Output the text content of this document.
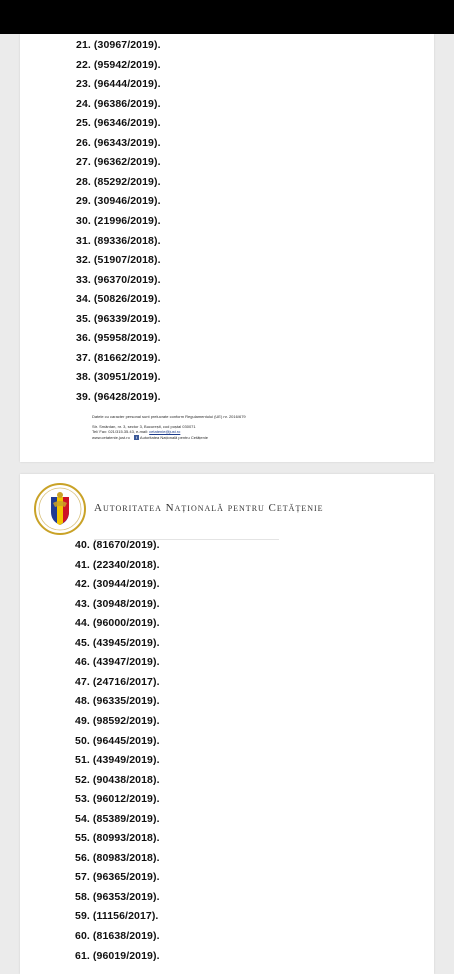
21. (30967/2019).
22. (95942/2019).
23. (96444/2019).
24. (96386/2019).
25. (96346/2019).
26. (96343/2019).
27. (96362/2019).
28. (85292/2019).
29. (30946/2019).
30. (21996/2019).
31. (89336/2018).
32. (51907/2018).
33. (96370/2019).
34. (50826/2019).
35. (96339/2019).
36. (95958/2019).
37. (81662/2019).
38. (30951/2019).
39. (96428/2019).
Datele cu caracter personal sunt prelucrate conform Regulamentului (UE) nr. 2016/679
Str. Smârdan, nr. 3, sector 3, București, cod poștal 030071
Tel/ Fax: 021/315.35.43, e-mail: cetatenie@just.ro
www.cetatenie.just.ro f Autoritatea Națională pentru Cetățenie
Autoritatea Națională pentru Cetățenie
40. (81670/2019).
41. (22340/2018).
42. (30944/2019).
43. (30948/2019).
44. (96000/2019).
45. (43945/2019).
46. (43947/2019).
47. (24716/2017).
48. (96335/2019).
49. (98592/2019).
50. (96445/2019).
51. (43949/2019).
52. (90438/2018).
53. (96012/2019).
54. (85389/2019).
55. (80993/2018).
56. (80983/2018).
57. (96365/2019).
58. (96353/2019).
59. (11156/2017).
60. (81638/2019).
61. (96019/2019).
